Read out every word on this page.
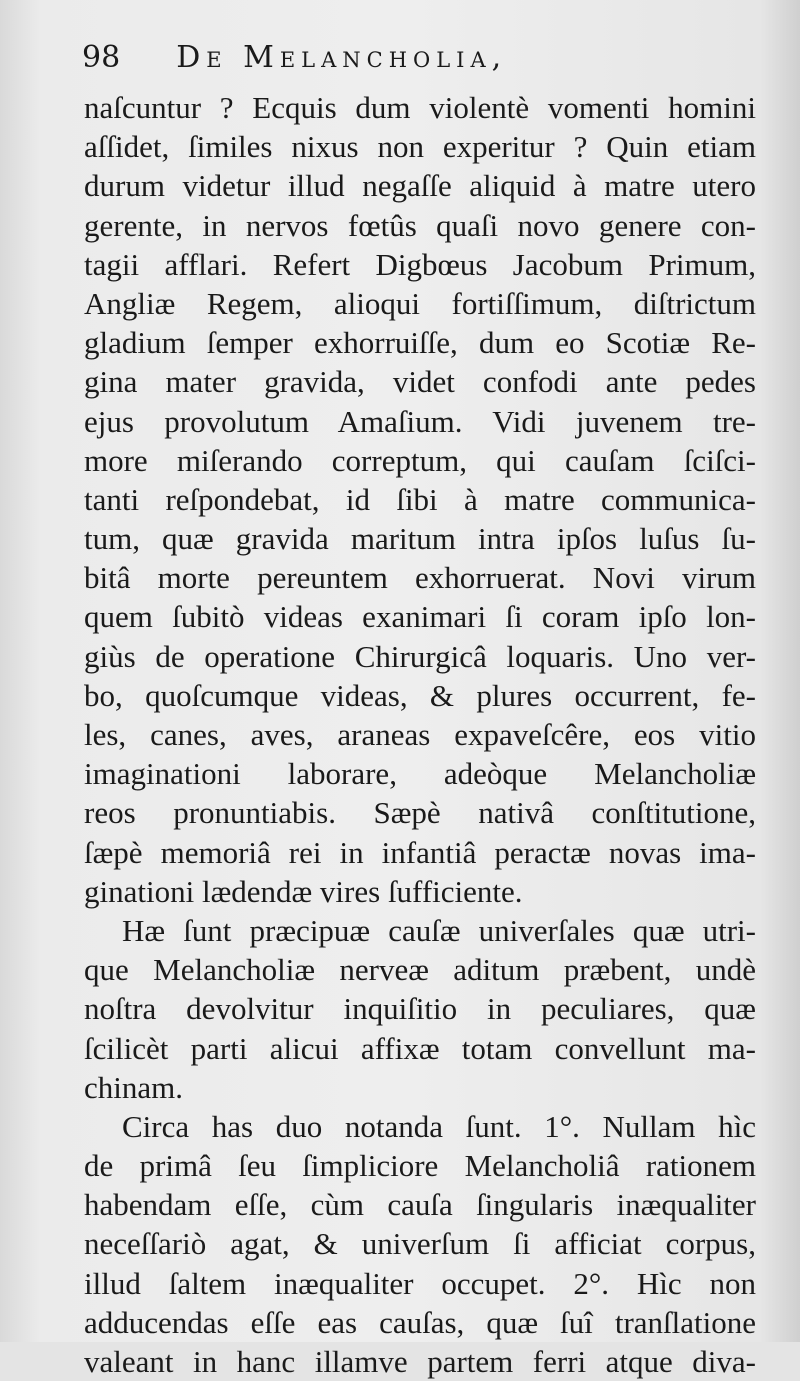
98 De Melancholia,
naſcuntur ? Ecquis dum violentè vomenti homini
aſſidet, ſimiles nixus non experitur ? Quin etiam
durum videtur illud negaſſe aliquid à matre utero
gerente, in nervos fœtûs quaſi novo genere con-
tagii afflari. Refert Digbœus Jacobum Primum,
Angliæ Regem, alioqui fortiſſimum, diſtrictum
gladium ſemper exhorruiſſe, dum eo Scotiæ Re-
gina mater gravida, videt confodi ante pedes
ejus provolutum Amaſium. Vidi juvenem tre-
more miſerando correptum, qui cauſam ſciſci-
tanti reſpondebat, id ſibi à matre communica-
tum, quæ gravida maritum intra ipſos luſus ſu-
bitâ morte pereuntem exhorruerat. Novi virum
quem ſubitò videas exanimari ſi coram ipſo lon-
giùs de operatione Chirurgicâ loquaris. Uno ver-
bo, quoſcumque videas, & plures occurrent, fe-
les, canes, aves, araneas expaveſcêre, eos vitio
imaginationi laborare, adeòque Melancholiæ
reos pronuntiabis. Sæpè nativâ conſtitutione,
ſæpè memoriâ rei in infantiâ peractæ novas ima-
ginationi lædendæ vires ſufficiente.
Hæ ſunt præcipuæ cauſæ univerſales quæ utri-
que Melancholiæ nerveæ aditum præbent, undè
noſtra devolvitur inquiſitio in peculiares, quæ
ſcilicèt parti alicui affixæ totam convellunt ma-
chinam.
Circa has duo notanda ſunt. 1°. Nullam hìc
de primâ ſeu ſimpliciore Melancholiâ rationem
habendam eſſe, cùm cauſa ſingularis inæqualiter
neceſſariò agat, & univerſum ſi afficiat corpus,
illud ſaltem inæqualiter occupet. 2°. Hìc non
adducendas eſſe eas cauſas, quæ ſuî tranſlatione
valeant in hanc illamve partem ferri atque diva-
